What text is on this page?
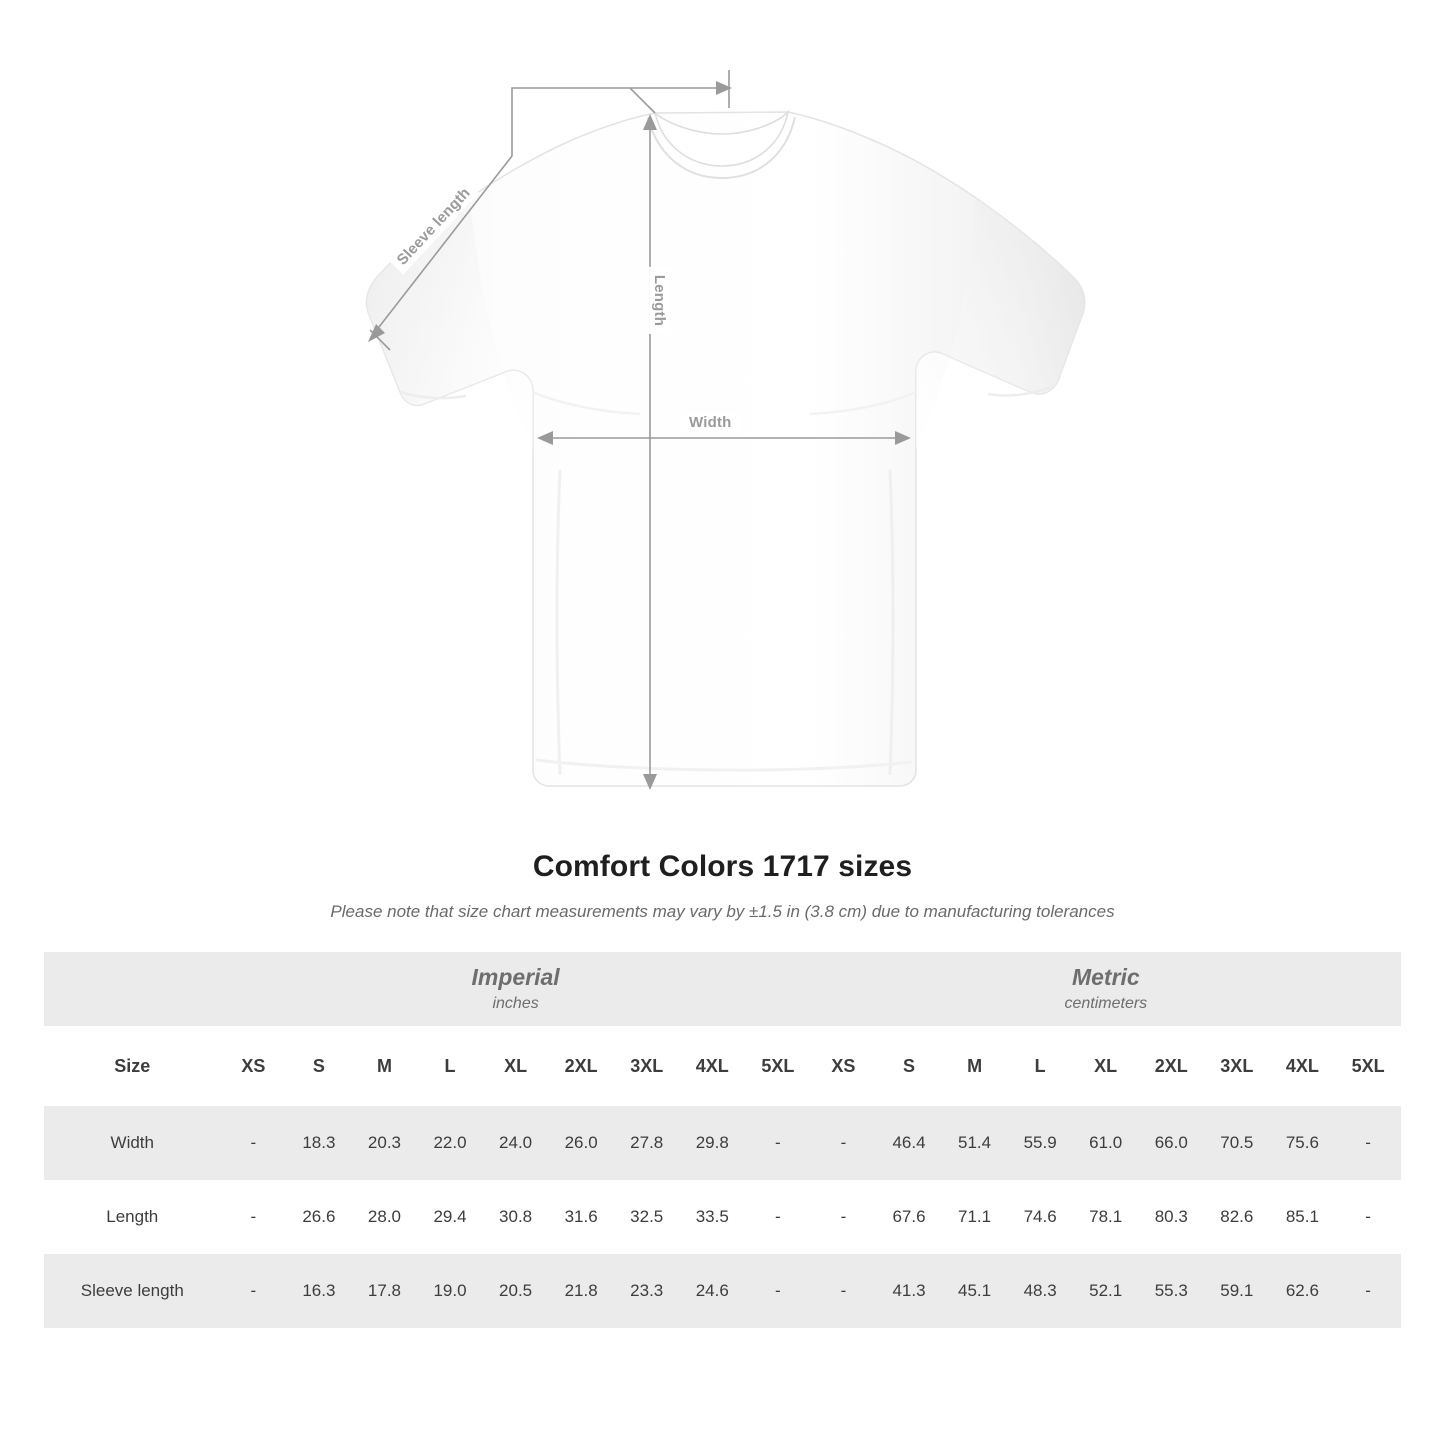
Sleeve length
Length
Width
Comfort Colors 1717 sizes

Please note that size chart measurements may vary by ±1.5 in (3.8 cm) due to manufacturing tolerances

Imperial
inches

Metric
centimeters

Size	XS	S	M	L	XL	2XL	3XL	4XL	5XL	XS	S	M	L	XL	2XL	3XL	4XL	5XL
Width	-	18.3	20.3	22.0	24.0	26.0	27.8	29.8	-	-	46.4	51.4	55.9	61.0	66.0	70.5	75.6	-
Length	-	26.6	28.0	29.4	30.8	31.6	32.5	33.5	-	-	67.6	71.1	74.6	78.1	80.3	82.6	85.1	-
Sleeve length	-	16.3	17.8	19.0	20.5	21.8	23.3	24.6	-	-	41.3	45.1	48.3	52.1	55.3	59.1	62.6	-
